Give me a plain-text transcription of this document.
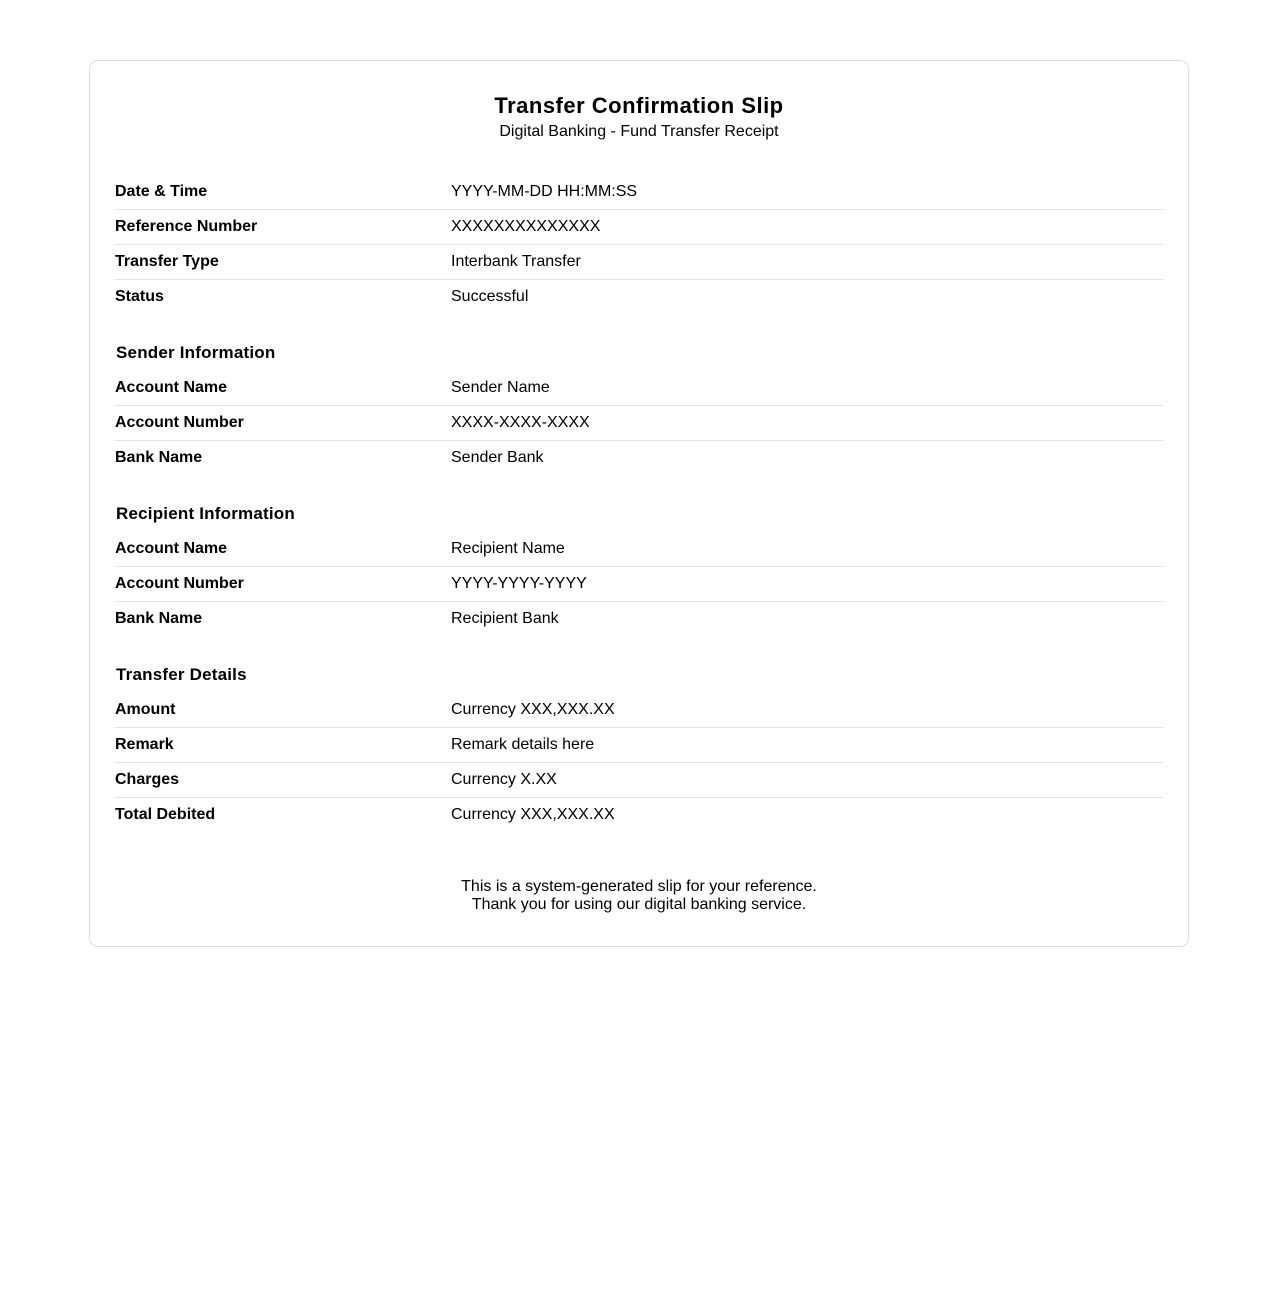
Transfer Confirmation Slip
Digital Banking - Fund Transfer Receipt
Date & Time	YYYY-MM-DD HH:MM:SS
Reference Number	XXXXXXXXXXXXXX
Transfer Type	Interbank Transfer
Status	Successful
Sender Information
Account Name	Sender Name
Account Number	XXXX-XXXX-XXXX
Bank Name	Sender Bank
Recipient Information
Account Name	Recipient Name
Account Number	YYYY-YYYY-YYYY
Bank Name	Recipient Bank
Transfer Details
Amount	Currency XXX,XXX.XX
Remark	Remark details here
Charges	Currency X.XX
Total Debited	Currency XXX,XXX.XX
This is a system-generated slip for your reference.
Thank you for using our digital banking service.
